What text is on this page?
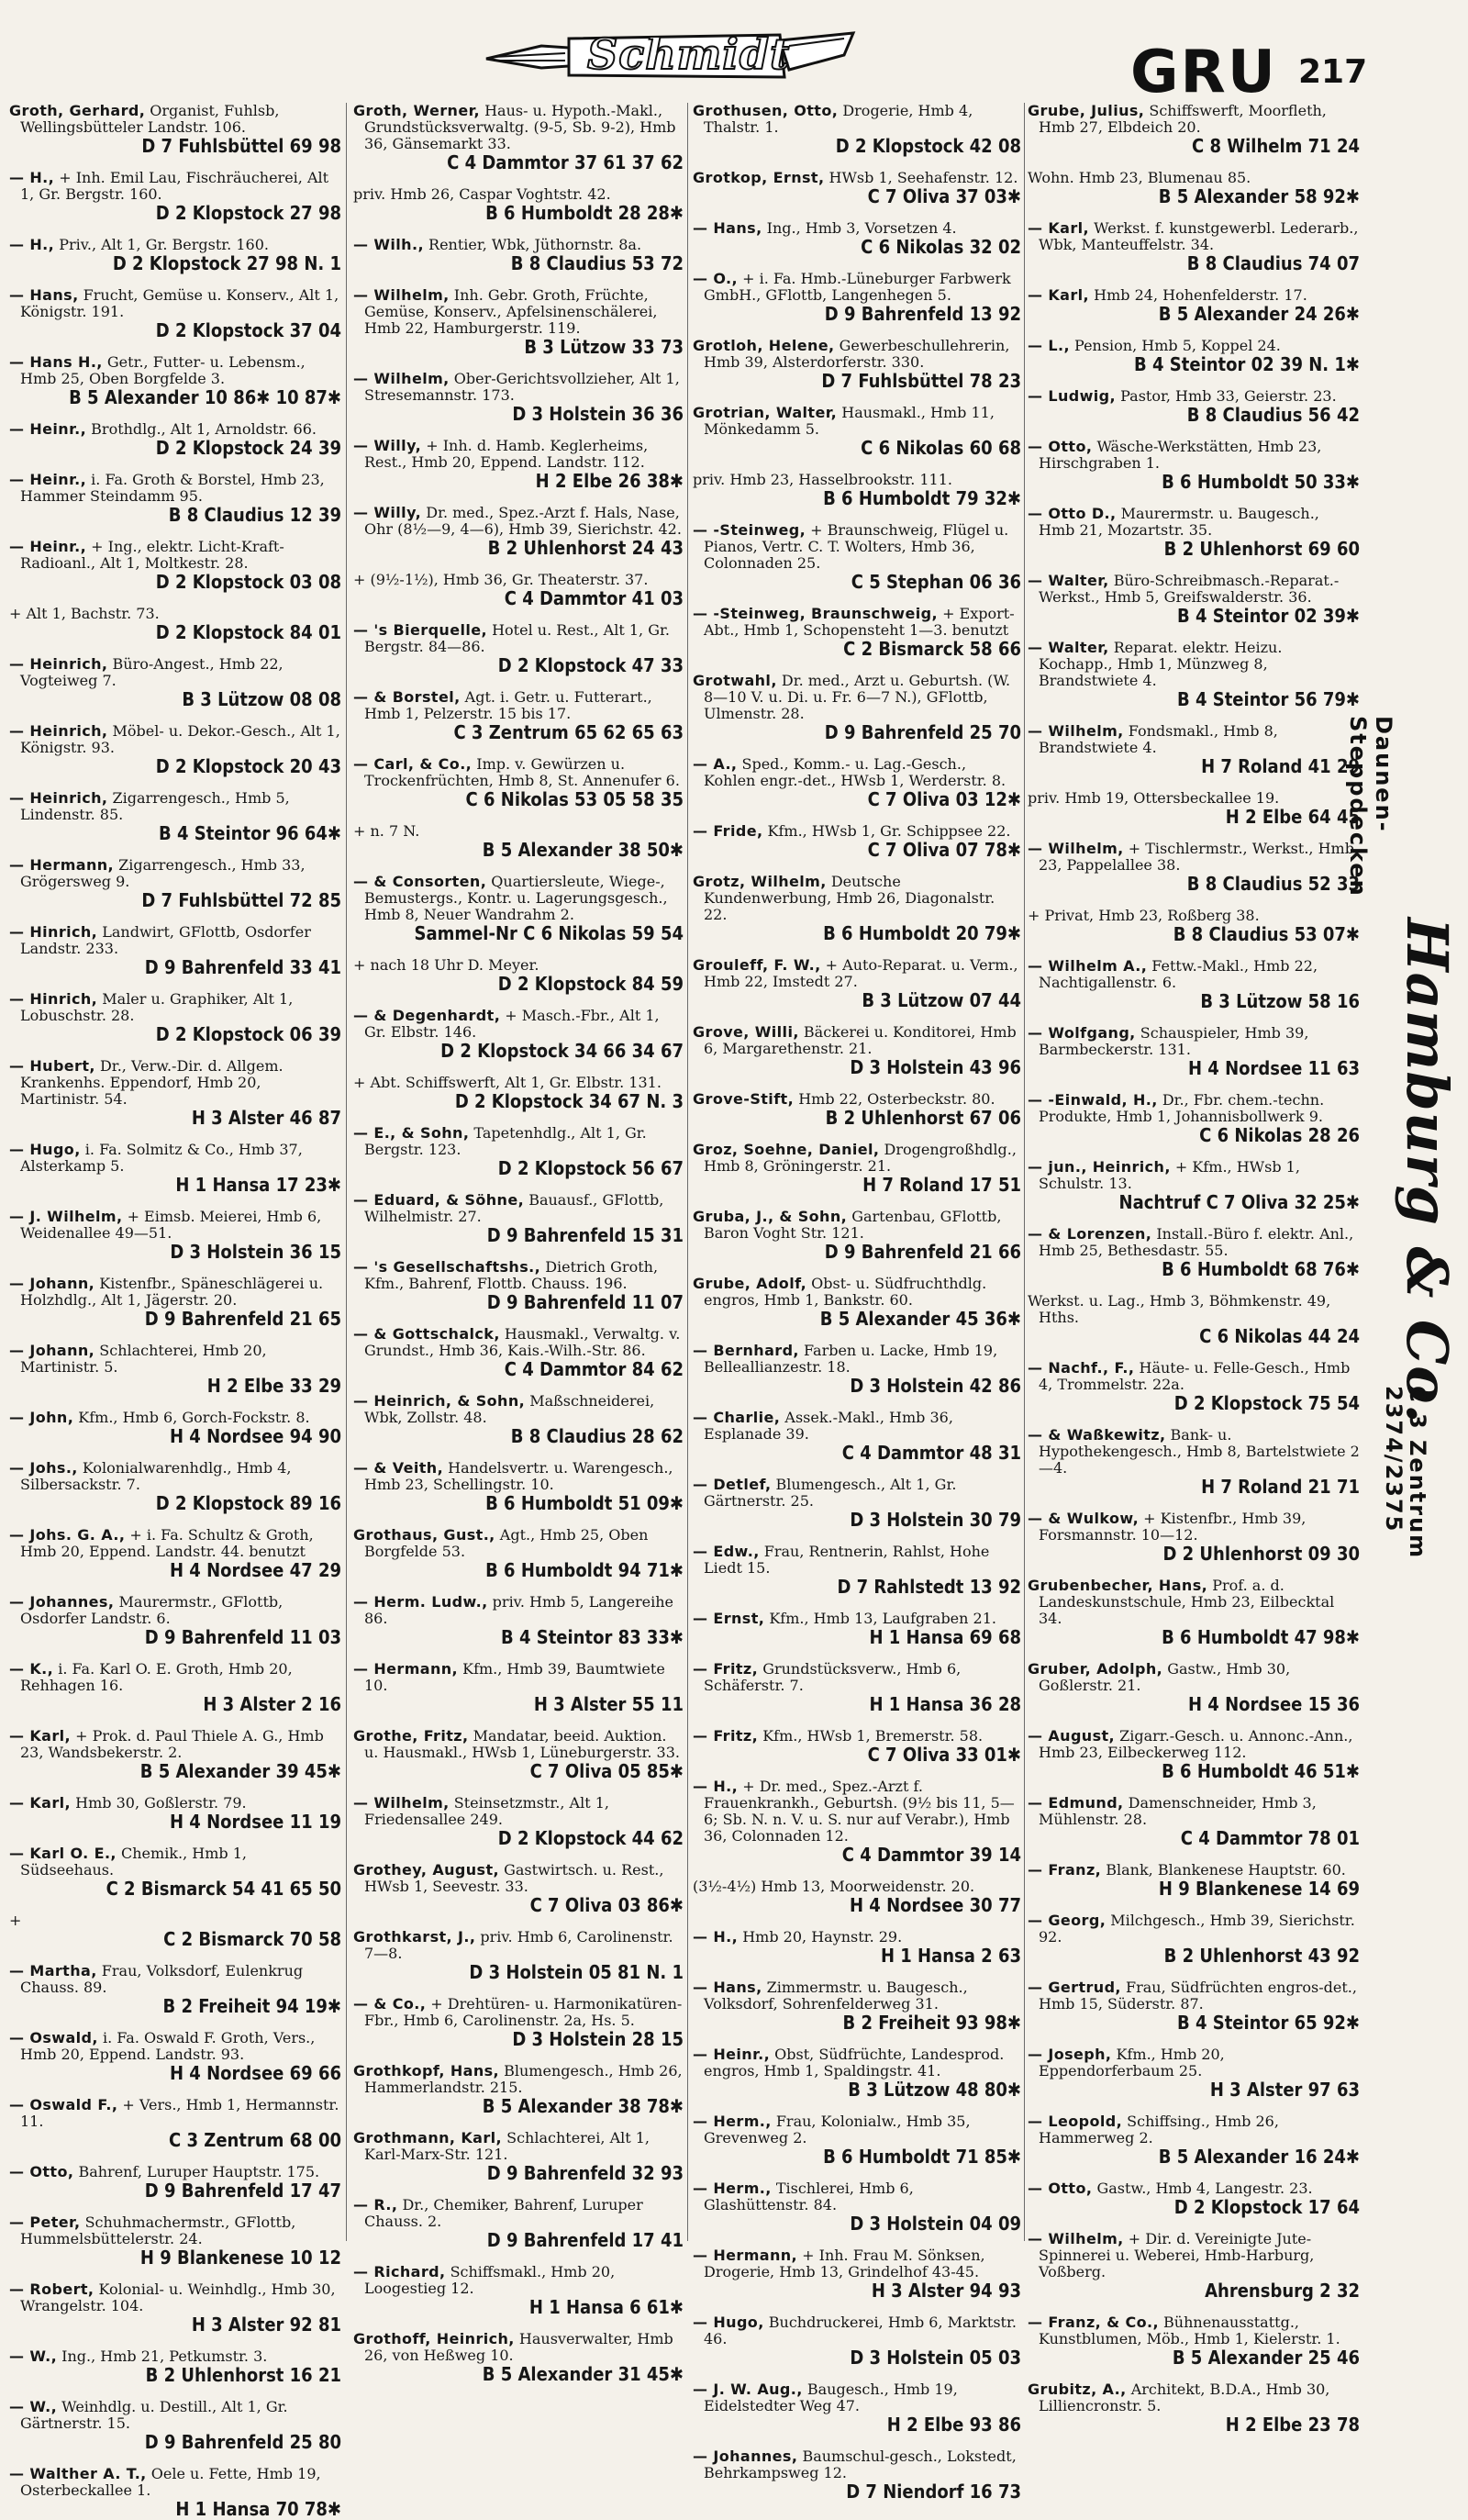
Schmidt	GRU 217
Groth, Gerhard, Organist, Fuhlsb, Wellingsbütteler Landstr. 106.
D 7 Fuhlsbüttel 69 98
— H., + Inh. Emil Lau, Fischräucherei, Alt 1, Gr. Bergstr. 160.
D 2 Klopstock 27 98
— H., Priv., Alt 1, Gr. Bergstr. 160.
D 2 Klopstock 27 98 N. 1
— Hans, Frucht, Gemüse u. Konserv., Alt 1, Königstr. 191.
D 2 Klopstock 37 04
— Hans H., Getr., Futter- u. Lebensm., Hmb 25, Oben Borgfelde 3.
B 5 Alexander 10 86✱ 10 87✱
— Heinr., Brothdlg., Alt 1, Arnoldstr. 66.
D 2 Klopstock 24 39
— Heinr., i. Fa. Groth & Borstel, Hmb 23, Hammer Steindamm 95.
B 8 Claudius 12 39
— Heinr., + Ing., elektr. Licht-Kraft-Radioanl., Alt 1, Moltkestr. 28.
D 2 Klopstock 03 08
+ Alt 1, Bachstr. 73.
D 2 Klopstock 84 01
— Heinrich, Büro-Angest., Hmb 22, Vogteiweg 7.
B 3 Lützow 08 08
— Heinrich, Möbel- u. Dekor.-Gesch., Alt 1, Königstr. 93.
D 2 Klopstock 20 43
— Heinrich, Zigarrengesch., Hmb 5, Lindenstr. 85.
B 4 Steintor 96 64✱
— Hermann, Zigarrengesch., Hmb 33, Grögersweg 9.
D 7 Fuhlsbüttel 72 85
— Hinrich, Landwirt, GFlottb, Osdorfer Landstr. 233.
D 9 Bahrenfeld 33 41
— Hinrich, Maler u. Graphiker, Alt 1, Lobuschstr. 28.
D 2 Klopstock 06 39
— Hubert, Dr., Verw.-Dir. d. Allgem. Krankenhs. Eppendorf, Hmb 20, Martinistr. 54.
H 3 Alster 46 87
— Hugo, i. Fa. Solmitz & Co., Hmb 37, Alsterkamp 5.
H 1 Hansa 17 23✱
— J. Wilhelm, + Eimsb. Meierei, Hmb 6, Weidenallee 49—51.
D 3 Holstein 36 15
— Johann, Kistenfbr., Späneschlägerei u. Holzhdlg., Alt 1, Jägerstr. 20.
D 9 Bahrenfeld 21 65
— Johann, Schlachterei, Hmb 20, Martinistr. 5.
H 2 Elbe 33 29
— John, Kfm., Hmb 6, Gorch-Fockstr. 8.
H 4 Nordsee 94 90
— Johs., Kolonialwarenhdlg., Hmb 4, Silbersackstr. 7.
D 2 Klopstock 89 16
— Johs. G. A., + i. Fa. Schultz & Groth, Hmb 20, Eppend. Landstr. 44. benutzt
H 4 Nordsee 47 29
— Johannes, Maurermstr., GFlottb, Osdorfer Landstr. 6.
D 9 Bahrenfeld 11 03
— K., i. Fa. Karl O. E. Groth, Hmb 20, Rehhagen 16.
H 3 Alster 2 16
— Karl, + Prok. d. Paul Thiele A. G., Hmb 23, Wandsbekerstr. 2.
B 5 Alexander 39 45✱
— Karl, Hmb 30, Goßlerstr. 79.
H 4 Nordsee 11 19
— Karl O. E., Chemik., Hmb 1, Südseehaus.
C 2 Bismarck 54 41 65 50
+
C 2 Bismarck 70 58
— Martha, Frau, Volksdorf, Eulenkrug Chauss. 89.
B 2 Freiheit 94 19✱
— Oswald, i. Fa. Oswald F. Groth, Vers., Hmb 20, Eppend. Landstr. 93.
H 4 Nordsee 69 66
— Oswald F., + Vers., Hmb 1, Hermannstr. 11.
C 3 Zentrum 68 00
— Otto, Bahrenf, Luruper Hauptstr. 175.
D 9 Bahrenfeld 17 47
— Peter, Schuhmachermstr., GFlottb, Hummelsbüttelerstr. 24.
H 9 Blankenese 10 12
— Robert, Kolonial- u. Weinhdlg., Hmb 30, Wrangelstr. 104.
H 3 Alster 92 81
— W., Ing., Hmb 21, Petkumstr. 3.
B 2 Uhlenhorst 16 21
— W., Weinhdlg. u. Destill., Alt 1, Gr. Gärtnerstr. 15.
D 9 Bahrenfeld 25 80
— Walther A. T., Oele u. Fette, Hmb 19, Osterbeckallee 1.
H 1 Hansa 70 78✱
Groth, Werner, Haus- u. Hypoth.-Makl., Grundstücksverwaltg. (9-5, Sb. 9-2), Hmb 36, Gänsemarkt 33.
C 4 Dammtor 37 61 37 62
priv. Hmb 26, Caspar Voghtstr. 42.
B 6 Humboldt 28 28✱
— Wilh., Rentier, Wbk, Jüthornstr. 8a.
B 8 Claudius 53 72
— Wilhelm, Inh. Gebr. Groth, Früchte, Gemüse, Konserv., Apfelsinenschälerei, Hmb 22, Hamburgerstr. 119.
B 3 Lützow 33 73
— Wilhelm, Ober-Gerichtsvollzieher, Alt 1, Stresemannstr. 173.
D 3 Holstein 36 36
— Willy, + Inh. d. Hamb. Keglerheims, Rest., Hmb 20, Eppend. Landstr. 112.
H 2 Elbe 26 38✱
— Willy, Dr. med., Spez.-Arzt f. Hals, Nase, Ohr (8½—9, 4—6), Hmb 39, Sierichstr. 42.
B 2 Uhlenhorst 24 43
+ (9½-1½), Hmb 36, Gr. Theaterstr. 37.
C 4 Dammtor 41 03
— 's Bierquelle, Hotel u. Rest., Alt 1, Gr. Bergstr. 84—86.
D 2 Klopstock 47 33
— & Borstel, Agt. i. Getr. u. Futterart., Hmb 1, Pelzerstr. 15 bis 17.
C 3 Zentrum 65 62 65 63
— Carl, & Co., Imp. v. Gewürzen u. Trockenfrüchten, Hmb 8, St. Annenufer 6.
C 6 Nikolas 53 05 58 35
+ n. 7 N.
B 5 Alexander 38 50✱
— & Consorten, Quartiersleute, Wiege-, Bemustergs., Kontr. u. Lagerungsgesch., Hmb 8, Neuer Wandrahm 2.
Sammel-Nr C 6 Nikolas 59 54
+ nach 18 Uhr D. Meyer.
D 2 Klopstock 84 59
— & Degenhardt, + Masch.-Fbr., Alt 1, Gr. Elbstr. 146.
D 2 Klopstock 34 66 34 67
+ Abt. Schiffswerft, Alt 1, Gr. Elbstr. 131.
D 2 Klopstock 34 67 N. 3
— E., & Sohn, Tapetenhdlg., Alt 1, Gr. Bergstr. 123.
D 2 Klopstock 56 67
— Eduard, & Söhne, Bauausf., GFlottb, Wilhelmistr. 27.
D 9 Bahrenfeld 15 31
— 's Gesellschaftshs., Dietrich Groth, Kfm., Bahrenf, Flottb. Chauss. 196.
D 9 Bahrenfeld 11 07
— & Gottschalck, Hausmakl., Verwaltg. v. Grundst., Hmb 36, Kais.-Wilh.-Str. 86.
C 4 Dammtor 84 62
— Heinrich, & Sohn, Maßschneiderei, Wbk, Zollstr. 48.
B 8 Claudius 28 62
— & Veith, Handelsvertr. u. Warengesch., Hmb 23, Schellingstr. 10.
B 6 Humboldt 51 09✱
Grothaus, Gust., Agt., Hmb 25, Oben Borgfelde 53.
B 6 Humboldt 94 71✱
— Herm. Ludw., priv. Hmb 5, Langereihe 86.
B 4 Steintor 83 33✱
— Hermann, Kfm., Hmb 39, Baumtwiete 10.
H 3 Alster 55 11
Grothe, Fritz, Mandatar, beeid. Auktion. u. Hausmakl., HWsb 1, Lüneburgerstr. 33.
C 7 Oliva 05 85✱
— Wilhelm, Steinsetzmstr., Alt 1, Friedensallee 249.
D 2 Klopstock 44 62
Grothey, August, Gastwirtsch. u. Rest., HWsb 1, Seevestr. 33.
C 7 Oliva 03 86✱
Grothkarst, J., priv. Hmb 6, Carolinenstr. 7—8.
D 3 Holstein 05 81 N. 1
— & Co., + Drehtüren- u. Harmonikatüren-Fbr., Hmb 6, Carolinenstr. 2a, Hs. 5.
D 3 Holstein 28 15
Grothkopf, Hans, Blumengesch., Hmb 26, Hammerlandstr. 215.
B 5 Alexander 38 78✱
Grothmann, Karl, Schlachterei, Alt 1, Karl-Marx-Str. 121.
D 9 Bahrenfeld 32 93
— R., Dr., Chemiker, Bahrenf, Luruper Chauss. 2.
D 9 Bahrenfeld 17 41
— Richard, Schiffsmakl., Hmb 20, Loogestieg 12.
H 1 Hansa 6 61✱
Grothoff, Heinrich, Hausverwalter, Hmb 26, von Heßweg 10.
B 5 Alexander 31 45✱
Grothusen, Otto, Drogerie, Hmb 4, Thalstr. 1.
D 2 Klopstock 42 08
Grotkop, Ernst, HWsb 1, Seehafenstr. 12.
C 7 Oliva 37 03✱
— Hans, Ing., Hmb 3, Vorsetzen 4.
C 6 Nikolas 32 02
— O., + i. Fa. Hmb.-Lüneburger Farbwerk GmbH., GFlottb, Langenhegen 5.
D 9 Bahrenfeld 13 92
Grotloh, Helene, Gewerbeschullehrerin, Hmb 39, Alsterdorferstr. 330.
D 7 Fuhlsbüttel 78 23
Grotrian, Walter, Hausmakl., Hmb 11, Mönkedamm 5.
C 6 Nikolas 60 68
priv. Hmb 23, Hasselbrookstr. 111.
B 6 Humboldt 79 32✱
— -Steinweg, + Braunschweig, Flügel u. Pianos, Vertr. C. T. Wolters, Hmb 36, Colonnaden 25.
C 5 Stephan 06 36
— -Steinweg, Braunschweig, + Export-Abt., Hmb 1, Schopensteht 1—3. benutzt
C 2 Bismarck 58 66
Grotwahl, Dr. med., Arzt u. Geburtsh. (W. 8—10 V. u. Di. u. Fr. 6—7 N.), GFlottb, Ulmenstr. 28.
D 9 Bahrenfeld 25 70
— A., Sped., Komm.- u. Lag.-Gesch., Kohlen engr.-det., HWsb 1, Werderstr. 8.
C 7 Oliva 03 12✱
— Fride, Kfm., HWsb 1, Gr. Schippsee 22.
C 7 Oliva 07 78✱
Grotz, Wilhelm, Deutsche Kundenwerbung, Hmb 26, Diagonalstr. 22.
B 6 Humboldt 20 79✱
Grouleff, F. W., + Auto-Reparat. u. Verm., Hmb 22, Imstedt 27.
B 3 Lützow 07 44
Grove, Willi, Bäckerei u. Konditorei, Hmb 6, Margarethenstr. 21.
D 3 Holstein 43 96
Grove-Stift, Hmb 22, Osterbeckstr. 80.
B 2 Uhlenhorst 67 06
Groz, Soehne, Daniel, Drogengroßhdlg., Hmb 8, Gröningerstr. 21.
H 7 Roland 17 51
Gruba, J., & Sohn, Gartenbau, GFlottb, Baron Voght Str. 121.
D 9 Bahrenfeld 21 66
Grube, Adolf, Obst- u. Südfruchthdlg. engros, Hmb 1, Bankstr. 60.
B 5 Alexander 45 36✱
— Bernhard, Farben u. Lacke, Hmb 19, Belleallianzestr. 18.
D 3 Holstein 42 86
— Charlie, Assek.-Makl., Hmb 36, Esplanade 39.
C 4 Dammtor 48 31
— Detlef, Blumengesch., Alt 1, Gr. Gärtnerstr. 25.
D 3 Holstein 30 79
— Edw., Frau, Rentnerin, Rahlst, Hohe Liedt 15.
D 7 Rahlstedt 13 92
— Ernst, Kfm., Hmb 13, Laufgraben 21.
H 1 Hansa 69 68
— Fritz, Grundstücksverw., Hmb 6, Schäferstr. 7.
H 1 Hansa 36 28
— Fritz, Kfm., HWsb 1, Bremerstr. 58.
C 7 Oliva 33 01✱
— H., + Dr. med., Spez.-Arzt f. Frauenkrankh., Geburtsh. (9½ bis 11, 5—6; Sb. N. n. V. u. S. nur auf Verabr.), Hmb 36, Colonnaden 12.
C 4 Dammtor 39 14
(3½-4½) Hmb 13, Moorweidenstr. 20.
H 4 Nordsee 30 77
— H., Hmb 20, Haynstr. 29.
H 1 Hansa 2 63
— Hans, Zimmermstr. u. Baugesch., Volksdorf, Sohrenfelderweg 31.
B 2 Freiheit 93 98✱
— Heinr., Obst, Südfrüchte, Landesprod. engros, Hmb 1, Spaldingstr. 41.
B 3 Lützow 48 80✱
— Herm., Frau, Kolonialw., Hmb 35, Grevenweg 2.
B 6 Humboldt 71 85✱
— Herm., Tischlerei, Hmb 6, Glashüttenstr. 84.
D 3 Holstein 04 09
— Hermann, + Inh. Frau M. Sönksen, Drogerie, Hmb 13, Grindelhof 43-45.
H 3 Alster 94 93
— Hugo, Buchdruckerei, Hmb 6, Marktstr. 46.
D 3 Holstein 05 03
— J. W. Aug., Baugesch., Hmb 19, Eidelstedter Weg 47.
H 2 Elbe 93 86
— Johannes, Baumschul-gesch., Lokstedt, Behrkampsweg 12.
D 7 Niendorf 16 73
Grube, Julius, Schiffswerft, Moorfleth, Hmb 27, Elbdeich 20.
C 8 Wilhelm 71 24
Wohn. Hmb 23, Blumenau 85.
B 5 Alexander 58 92✱
— Karl, Werkst. f. kunstgewerbl. Lederarb., Wbk, Manteuffelstr. 34.
B 8 Claudius 74 07
— Karl, Hmb 24, Hohenfelderstr. 17.
B 5 Alexander 24 26✱
— L., Pension, Hmb 5, Koppel 24.
B 4 Steintor 02 39 N. 1✱
— Ludwig, Pastor, Hmb 33, Geierstr. 23.
B 8 Claudius 56 42
— Otto, Wäsche-Werkstätten, Hmb 23, Hirschgraben 1.
B 6 Humboldt 50 33✱
— Otto D., Maurermstr. u. Baugesch., Hmb 21, Mozartstr. 35.
B 2 Uhlenhorst 69 60
— Walter, Büro-Schreibmasch.-Reparat.-Werkst., Hmb 5, Greifswalderstr. 36.
B 4 Steintor 02 39✱
— Walter, Reparat. elektr. Heizu. Kochapp., Hmb 1, Münzweg 8, Brandstwiete 4.
B 4 Steintor 56 79✱
— Wilhelm, Fondsmakl., Hmb 8, Brandstwiete 4.
H 7 Roland 41 29
priv. Hmb 19, Ottersbeckallee 19.
H 2 Elbe 64 45
— Wilhelm, + Tischlermstr., Werkst., Hmb 23, Pappelallee 38.
B 8 Claudius 52 33
+ Privat, Hmb 23, Roßberg 38.
B 8 Claudius 53 07✱
— Wilhelm A., Fettw.-Makl., Hmb 22, Nachtigallenstr. 6.
B 3 Lützow 58 16
— Wolfgang, Schauspieler, Hmb 39, Barmbeckerstr. 131.
H 4 Nordsee 11 63
— -Einwald, H., Dr., Fbr. chem.-techn. Produkte, Hmb 1, Johannisbollwerk 9.
C 6 Nikolas 28 26
— jun., Heinrich, + Kfm., HWsb 1, Schulstr. 13.
Nachtruf C 7 Oliva 32 25✱
— & Lorenzen, Install.-Büro f. elektr. Anl., Hmb 25, Bethesdastr. 55.
B 6 Humboldt 68 76✱
Werkst. u. Lag., Hmb 3, Böhmkenstr. 49, Hths.
C 6 Nikolas 44 24
— Nachf., F., Häute- u. Felle-Gesch., Hmb 4, Trommelstr. 22a.
D 2 Klopstock 75 54
— & Waßkewitz, Bank- u. Hypothekengesch., Hmb 8, Bartelstwiete 2—4.
H 7 Roland 21 71
— & Wulkow, + Kistenfbr., Hmb 39, Forsmannstr. 10—12.
D 2 Uhlenhorst 09 30
Grubenbecher, Hans, Prof. a. d. Landeskunstschule, Hmb 23, Eilbecktal 34.
B 6 Humboldt 47 98✱
Gruber, Adolph, Gastw., Hmb 30, Goßlerstr. 21.
H 4 Nordsee 15 36
— August, Zigarr.-Gesch. u. Annonc.-Ann., Hmb 23, Eilbeckerweg 112.
B 6 Humboldt 46 51✱
— Edmund, Damenschneider, Hmb 3, Mühlenstr. 28.
C 4 Dammtor 78 01
— Franz, Blank, Blankenese Hauptstr. 60.
H 9 Blankenese 14 69
— Georg, Milchgesch., Hmb 39, Sierichstr. 92.
B 2 Uhlenhorst 43 92
— Gertrud, Frau, Südfrüchten engros-det., Hmb 15, Süderstr. 87.
B 4 Steintor 65 92✱
— Joseph, Kfm., Hmb 20, Eppendorferbaum 25.
H 3 Alster 97 63
— Leopold, Schiffsing., Hmb 26, Hammerweg 2.
B 5 Alexander 16 24✱
— Otto, Gastw., Hmb 4, Langestr. 23.
D 2 Klopstock 17 64
— Wilhelm, + Dir. d. Vereinigte Jute-Spinnerei u. Weberei, Hmb-Harburg, Voßberg.
Ahrensburg 2 32
— Franz, & Co., Bühnenausstattg., Kunstblumen, Möb., Hmb 1, Kielerstr. 1.
B 5 Alexander 25 46
Grubitz, A., Architekt, B.D.A., Hmb 30, Lilliencronstr. 5.
H 2 Elbe 23 78
Daunen-
Steppdecken
Hamburg & Co.
C 3 Zentrum
2374/2375
